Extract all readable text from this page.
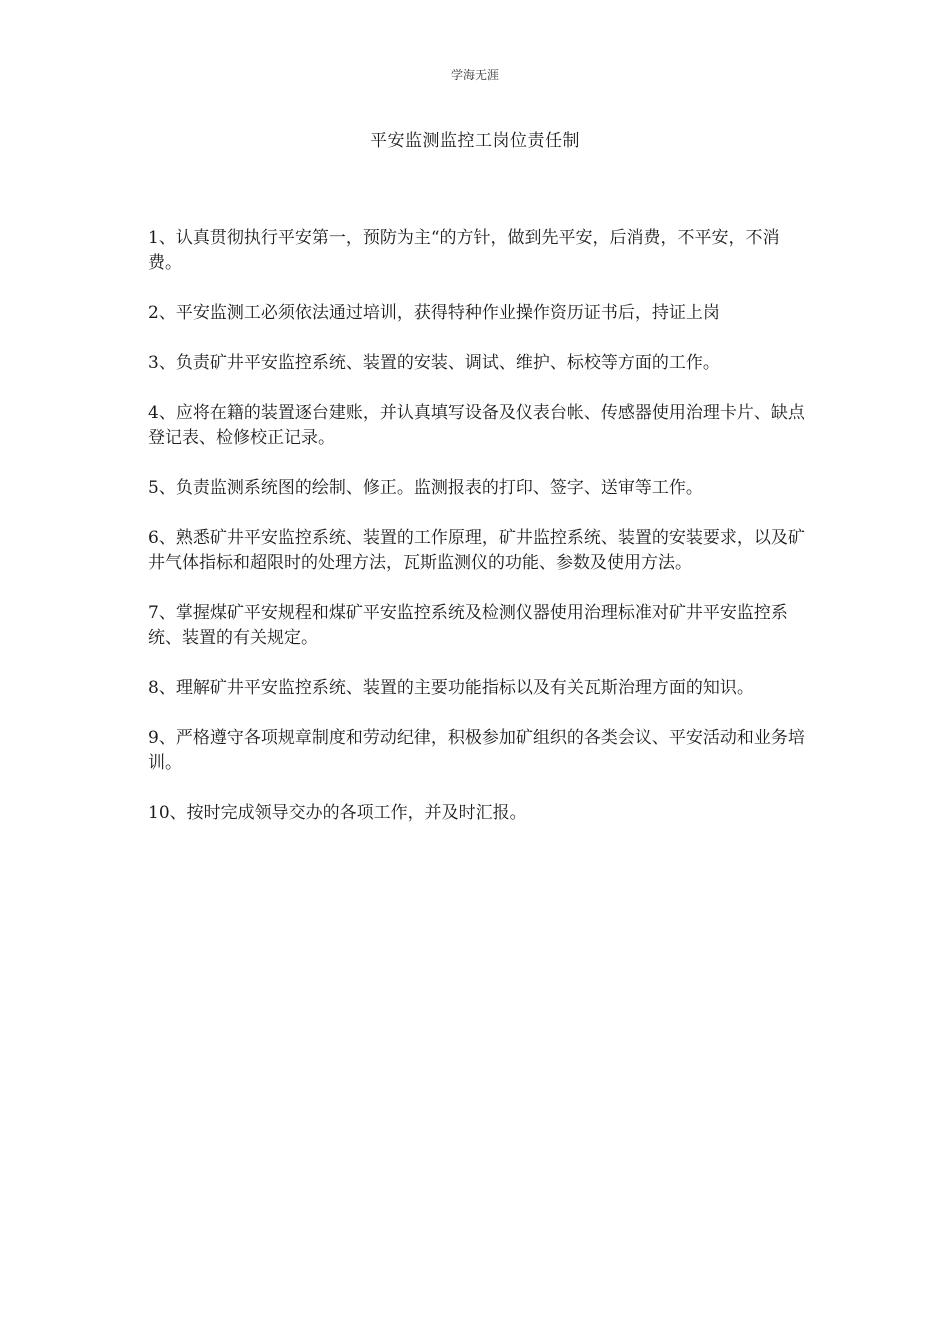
学海无涯
平安监测监控工岗位责任制

1、认真贯彻执行平安第一，预防为主“的方针，做到先平安，后消费，不平安，不消费。

2、平安监测工必须依法通过培训，获得特种作业操作资历证书后，持证上岗

3、负责矿井平安监控系统、装置的安装、调试、维护、标校等方面的工作。

4、应将在籍的装置逐台建账，并认真填写设备及仪表台帐、传感器使用治理卡片、缺点登记表、检修校正记录。

5、负责监测系统图的绘制、修正。监测报表的打印、签字、送审等工作。

6、熟悉矿井平安监控系统、装置的工作原理，矿井监控系统、装置的安装要求，以及矿井气体指标和超限时的处理方法，瓦斯监测仪的功能、参数及使用方法。

7、掌握煤矿平安规程和煤矿平安监控系统及检测仪器使用治理标准对矿井平安监控系统、装置的有关规定。

8、理解矿井平安监控系统、装置的主要功能指标以及有关瓦斯治理方面的知识。

9、严格遵守各项规章制度和劳动纪律，积极参加矿组织的各类会议、平安活动和业务培训。

10、按时完成领导交办的各项工作，并及时汇报。
